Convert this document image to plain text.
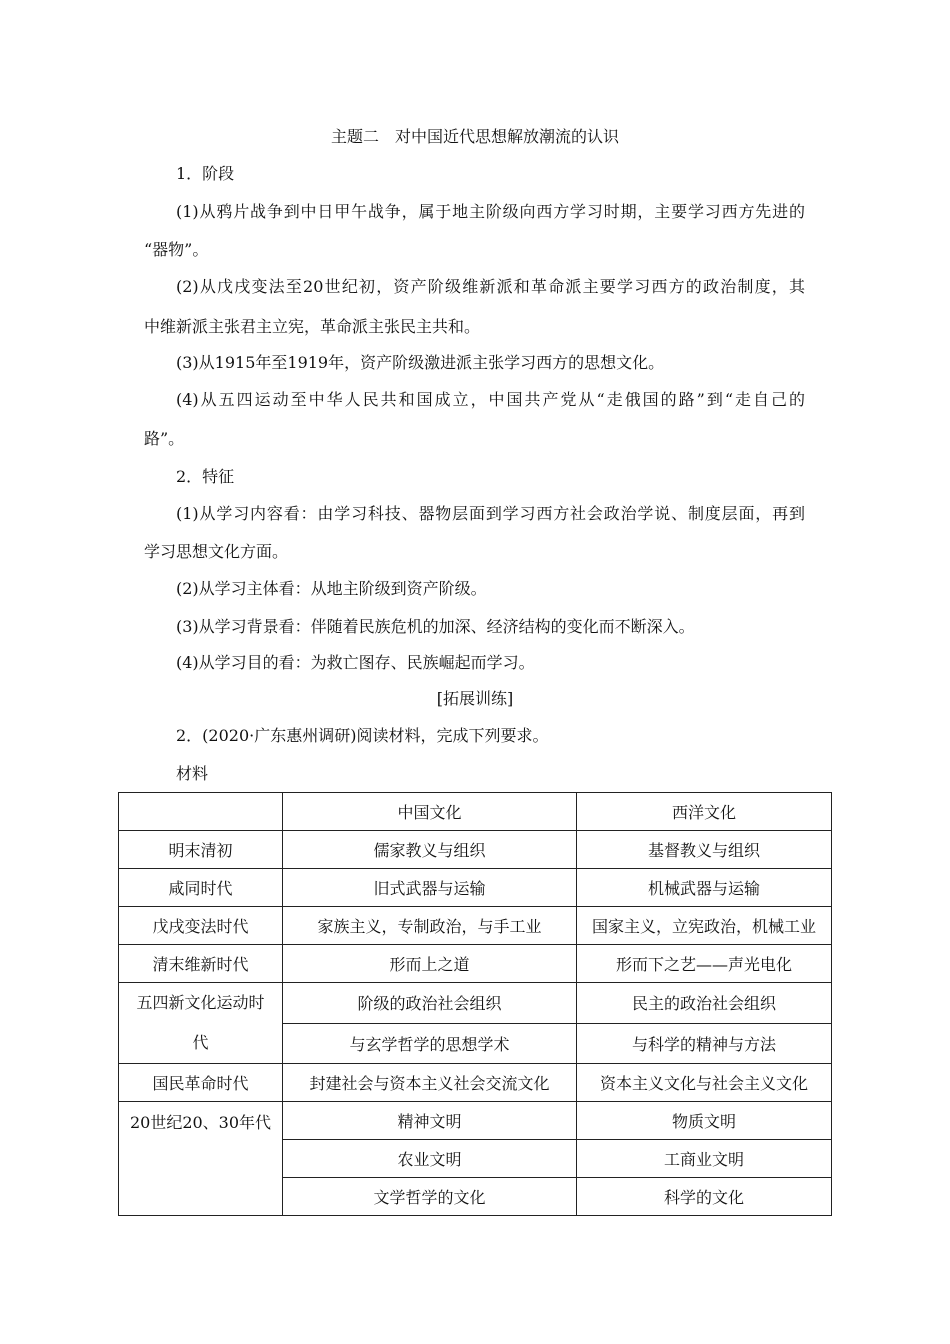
主题二　对中国近代思想解放潮流的认识
1．阶段
(1)从鸦片战争到中日甲午战争，属于地主阶级向西方学习时期，主要学习西方先进的
“器物”。
(2)从戊戌变法至20世纪初，资产阶级维新派和革命派主要学习西方的政治制度，其
中维新派主张君主立宪，革命派主张民主共和。
(3)从1915年至1919年，资产阶级激进派主张学习西方的思想文化。
(4)从五四运动至中华人民共和国成立，中国共产党从“走俄国的路”到“走自己的
路”。
2．特征
(1)从学习内容看：由学习科技、器物层面到学习西方社会政治学说、制度层面，再到
学习思想文化方面。
(2)从学习主体看：从地主阶级到资产阶级。
(3)从学习背景看：伴随着民族危机的加深、经济结构的变化而不断深入。
(4)从学习目的看：为救亡图存、民族崛起而学习。
[拓展训练]
2．(2020·广东惠州调研)阅读材料，完成下列要求。
材料
	中国文化	西洋文化
明末清初	儒家教义与组织	基督教义与组织
咸同时代	旧式武器与运输	机械武器与运输
戊戌变法时代	家族主义，专制政治，与手工业	国家主义，立宪政治，机械工业
清末维新时代	形而上之道	形而下之艺——声光电化

五四新文化运动时
代	阶级的政治社会组织	民主的政治社会组织
	与玄学哲学的思想学术	与科学的精神与方法
国民革命时代	封建社会与资本主义社会交流文化	资本主义文化与社会主义文化
20世纪20、30年代	精神文明	物质文明
	农业文明	工商业文明
	文学哲学的文化	科学的文化
